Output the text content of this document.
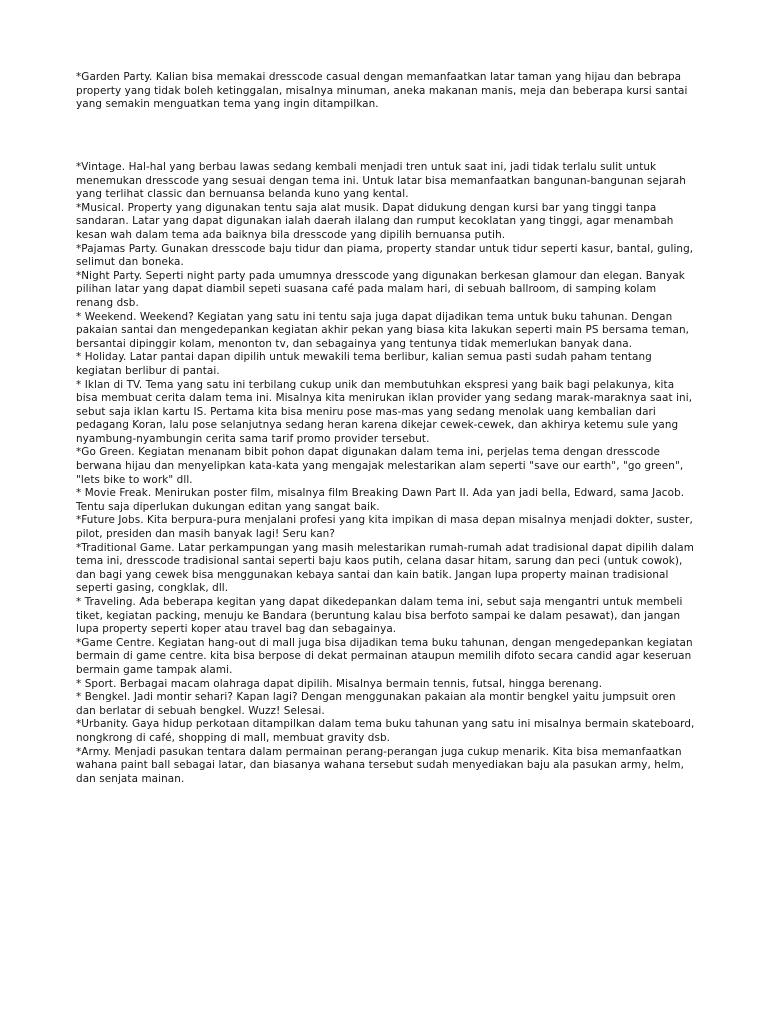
*Garden Party. Kalian bisa memakai dresscode casual dengan memanfaatkan latar taman yang hijau dan bebrapa property yang tidak boleh ketinggalan, misalnya minuman, aneka makanan manis, meja dan beberapa kursi santai yang semakin menguatkan tema yang ingin ditampilkan.

*Vintage. Hal-hal yang berbau lawas sedang kembali menjadi tren untuk saat ini, jadi tidak terlalu sulit untuk menemukan dresscode yang sesuai dengan tema ini. Untuk latar bisa memanfaatkan bangunan-bangunan sejarah yang terlihat classic dan bernuansa belanda kuno yang kental.

*Musical. Property yang digunakan tentu saja alat musik. Dapat didukung dengan kursi bar yang tinggi tanpa sandaran. Latar yang dapat digunakan ialah daerah ilalang dan rumput kecoklatan yang tinggi, agar menambah kesan wah dalam tema ada baiknya bila dresscode yang dipilih bernuansa putih.

*Pajamas Party. Gunakan dresscode baju tidur dan piama, property standar untuk tidur seperti kasur, bantal, guling, selimut dan boneka.

*Night Party. Seperti night party pada umumnya dresscode yang digunakan berkesan glamour dan elegan. Banyak pilihan latar yang dapat diambil sepeti suasana café pada malam hari, di sebuah ballroom, di samping kolam renang dsb.

* Weekend. Weekend? Kegiatan yang satu ini tentu saja juga dapat dijadikan tema untuk buku tahunan. Dengan pakaian santai dan mengedepankan kegiatan akhir pekan yang biasa kita lakukan seperti main PS bersama teman, bersantai dipinggir kolam, menonton tv, dan sebagainya yang tentunya tidak memerlukan banyak dana.

* Holiday. Latar pantai dapan dipilih untuk mewakili tema berlibur, kalian semua pasti sudah paham tentang kegiatan berlibur di pantai.

* Iklan di TV. Tema yang satu ini terbilang cukup unik dan membutuhkan ekspresi yang baik bagi pelakunya, kita bisa membuat cerita dalam tema ini. Misalnya kita menirukan iklan provider yang sedang marak-maraknya saat ini, sebut saja iklan kartu IS. Pertama kita bisa meniru pose mas-mas yang sedang menolak uang kembalian dari pedagang Koran, lalu pose selanjutnya sedang heran karena dikejar cewek-cewek, dan akhirya ketemu sule yang nyambung-nyambungin cerita sama tarif promo provider tersebut.

*Go Green. Kegiatan menanam bibit pohon dapat digunakan dalam tema ini, perjelas tema dengan dresscode berwana hijau dan menyelipkan kata-kata yang mengajak melestarikan alam seperti "save our earth", "go green", "lets bike to work" dll.

* Movie Freak. Menirukan poster film, misalnya film Breaking Dawn Part II. Ada yan jadi bella, Edward, sama Jacob. Tentu saja diperlukan dukungan editan yang sangat baik.

*Future Jobs. Kita berpura-pura menjalani profesi yang kita impikan di masa depan misalnya menjadi dokter, suster, pilot, presiden dan masih banyak lagi! Seru kan?

*Traditional Game. Latar perkampungan yang masih melestarikan rumah-rumah adat tradisional dapat dipilih dalam tema ini, dresscode tradisional santai seperti baju kaos putih, celana dasar hitam, sarung dan peci (untuk cowok), dan bagi yang cewek bisa menggunakan kebaya santai dan kain batik. Jangan lupa property mainan tradisional seperti gasing, congklak, dll.

* Traveling. Ada beberapa kegitan yang dapat dikedepankan dalam tema ini, sebut saja mengantri untuk membeli tiket, kegiatan packing, menuju ke Bandara (beruntung kalau bisa berfoto sampai ke dalam pesawat), dan jangan lupa property seperti koper atau travel bag dan sebagainya.

*Game Centre. Kegiatan hang-out di mall juga bisa dijadikan tema buku tahunan, dengan mengedepankan kegiatan bermain di game centre. kita bisa berpose di dekat permainan ataupun memilih difoto secara candid agar keseruan bermain game tampak alami.

* Sport. Berbagai macam olahraga dapat dipilih. Misalnya bermain tennis, futsal, hingga berenang.

* Bengkel. Jadi montir sehari? Kapan lagi? Dengan menggunakan pakaian ala montir bengkel yaitu jumpsuit oren dan berlatar di sebuah bengkel. Wuzz! Selesai.

*Urbanity. Gaya hidup perkotaan ditampilkan dalam tema buku tahunan yang satu ini misalnya bermain skateboard, nongkrong di café, shopping di mall, membuat gravity dsb.

*Army. Menjadi pasukan tentara dalam permainan perang-perangan juga cukup menarik. Kita bisa memanfaatkan wahana paint ball sebagai latar, dan biasanya wahana tersebut sudah menyediakan baju ala pasukan army, helm, dan senjata mainan.
